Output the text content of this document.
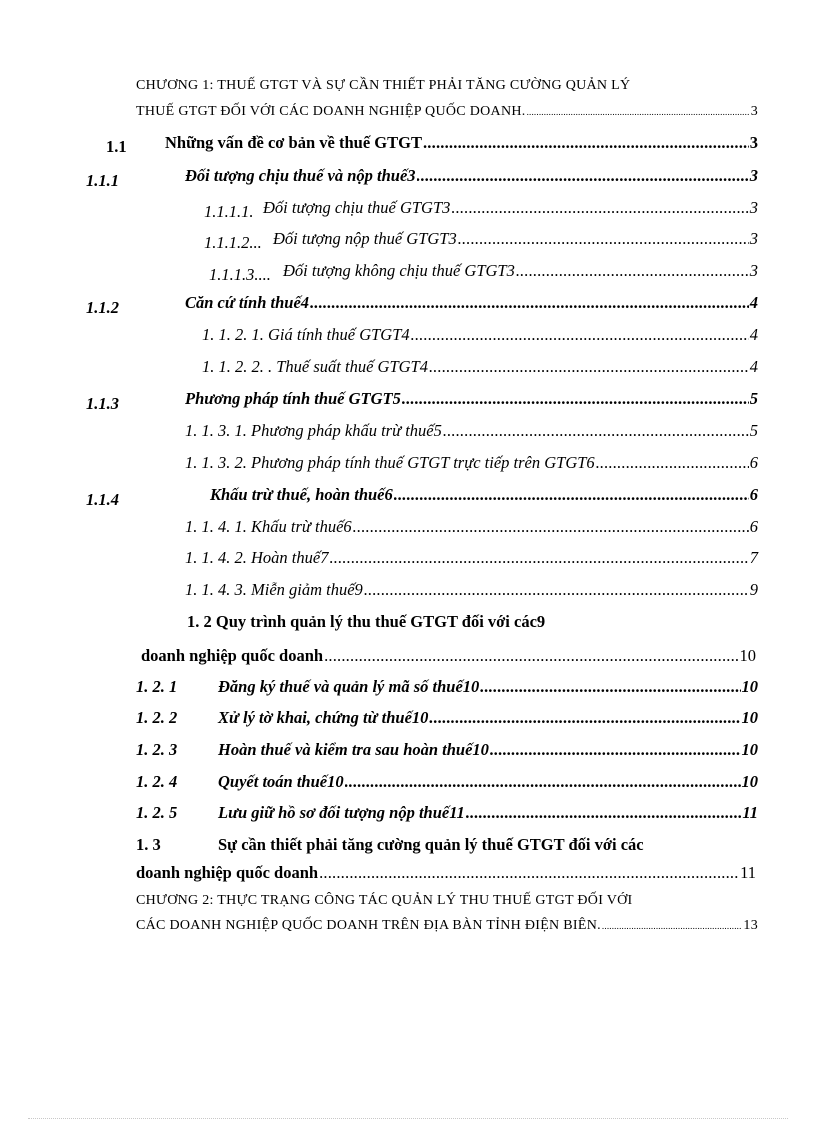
CHƯƠNG 1: THUẾ GTGT VÀ SỰ CẦN THIẾT PHẢI TĂNG CƯỜNG QUẢN LÝ
THUẾ GTGT ĐỐI VỚI CÁC DOANH NGHIỆP QUỐC DOANH. .....	3
1.1 Những vấn đề cơ bản về thuế GTGT .....	3
1.1.1	Đối tượng chịu thuế và nộp thuế3 .....	3
1.1.1.1. Đối tượng chịu thuế GTGT3 .....	3
1.1.1.2... Đối tượng nộp thuế GTGT3 .....	3
1.1.1.3.... Đối tượng không chịu thuế GTGT3 .....	3
1.1.2	Căn cứ tính thuế4 .....	4
1. 1. 2. 1. Giá tính thuế GTGT4 .....	4
1. 1. 2. 2. . Thuế suất thuế GTGT4 .....	4
1.1.3	Phương pháp tính thuế GTGT5 .....	5
1. 1. 3. 1. Phương pháp khấu trừ thuế5 .....	5
1. 1. 3. 2. Phương pháp tính thuế GTGT trực tiếp trên GTGT6 .....	6
1.1.4	Khấu trừ thuế, hoàn thuế6 .....	6
1. 1. 4. 1. Khấu trừ thuế6 .....	6
1. 1. 4. 2. Hoàn thuế7 .....	7
1. 1. 4. 3. Miễn giảm thuế9 .....	9
1. 2 Quy trình quản lý thu thuế GTGT đối với các9
doanh nghiệp quốc doanh .....	10
1. 2. 1 Đăng ký thuế và quản lý mã số thuế10 .....	10
1. 2. 2 Xử lý tờ khai, chứng từ thuế10 .....	10
1. 2. 3 Hoàn thuế và kiểm tra sau hoàn thuế10 .....	10
1. 2. 4 Quyết toán thuế10 .....	10
1. 2. 5 Lưu giữ hồ sơ đối tượng nộp thuế11 .....	11
1. 3	Sự cần thiết phải tăng cường quản lý thuế GTGT đối với các
doanh nghiệp quốc doanh .....	11
CHƯƠNG 2: THỰC TRẠNG CÔNG TÁC QUẢN LÝ THU THUẾ GTGT ĐỐI VỚI
CÁC DOANH NGHIỆP QUỐC DOANH TRÊN ĐỊA BÀN TỈNH ĐIỆN BIÊN. .....	13
